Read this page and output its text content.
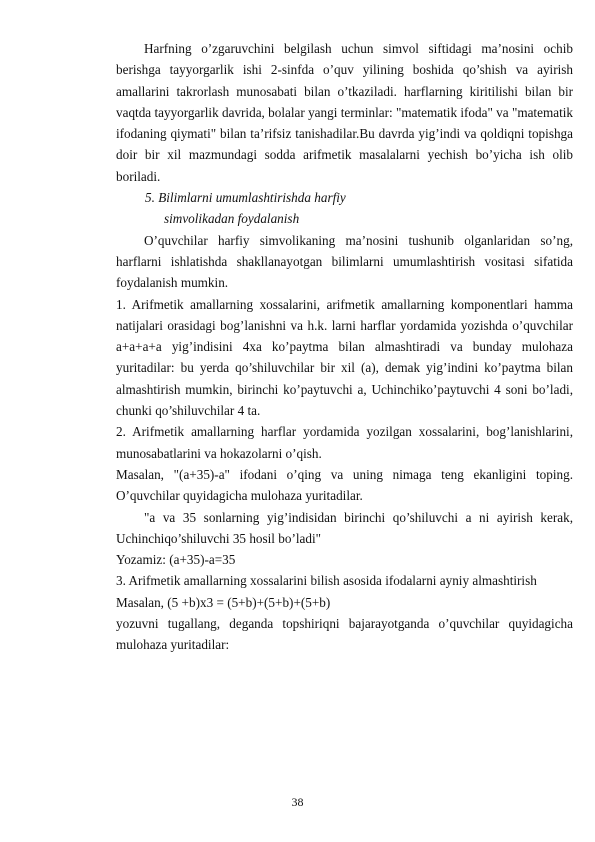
Harfning o’zgaruvchini belgilash uchun simvol siftidagi ma’nosini ochib berishga tayyorgarlik ishi 2-sinfda o’quv yilining boshida qo’shish va ayirish amallarini takrorlash munosabati bilan o’tkaziladi. harflarning kiritilishi bilan bir vaqtda tayyorgarlik davrida, bolalar yangi terminlar: "matematik ifoda" va "matematik ifodaning qiymati" bilan ta’rifsiz tanishadilar.Bu davrda yig’indi va qoldiqni topishga doir bir xil mazmundagi sodda arifmetik masalalarni yechish bo’yicha ish olib boriladi.

5. Bilimlarni umumlashtirishda harfiy

simvolikadan foydalanish

O’quvchilar harfiy simvolikaning ma’nosini tushunib olganlaridan so’ng, harflarni ishlatishda shakllanayotgan bilimlarni umumlashtirish vositasi sifatida foydalanish mumkin.

1. Arifmetik amallarning xossalarini, arifmetik amallarning komponentlari hamma natijalari orasidagi bog’lanishni va h.k. larni harflar yordamida yozishda o’quvchilar a+a+a+a yig’indisini 4xa ko’paytma bilan almashtiradi va bunday mulohaza yuritadilar: bu yerda qo’shiluvchilar bir xil (a), demak yig’indini ko’paytma bilan almashtirish mumkin, birinchi ko’paytuvchi a, Uchinchiko’paytuvchi 4 soni bo’ladi, chunki qo’shiluvchilar 4 ta.

2. Arifmetik amallarning harflar yordamida yozilgan xossalarini, bog’lanishlarini, munosabatlarini va hokazolarni o’qish.

Masalan, "(a+35)-a" ifodani o’qing va uning nimaga teng ekanligini toping. O’quvchilar quyidagicha mulohaza yuritadilar.

"a va 35 sonlarning yig’indisidan birinchi qo’shiluvchi a ni ayirish kerak, Uchinchiqo’shiluvchi 35 hosil bo’ladi"

Yozamiz: (a+35)-a=35

3. Arifmetik amallarning xossalarini bilish asosida ifodalarni ayniy almashtirish

Masalan, (5 +b)x3 = (5+b)+(5+b)+(5+b)

yozuvni tugallang, deganda topshiriqni bajarayotganda o’quvchilar quyidagicha mulohaza yuritadilar:

38
